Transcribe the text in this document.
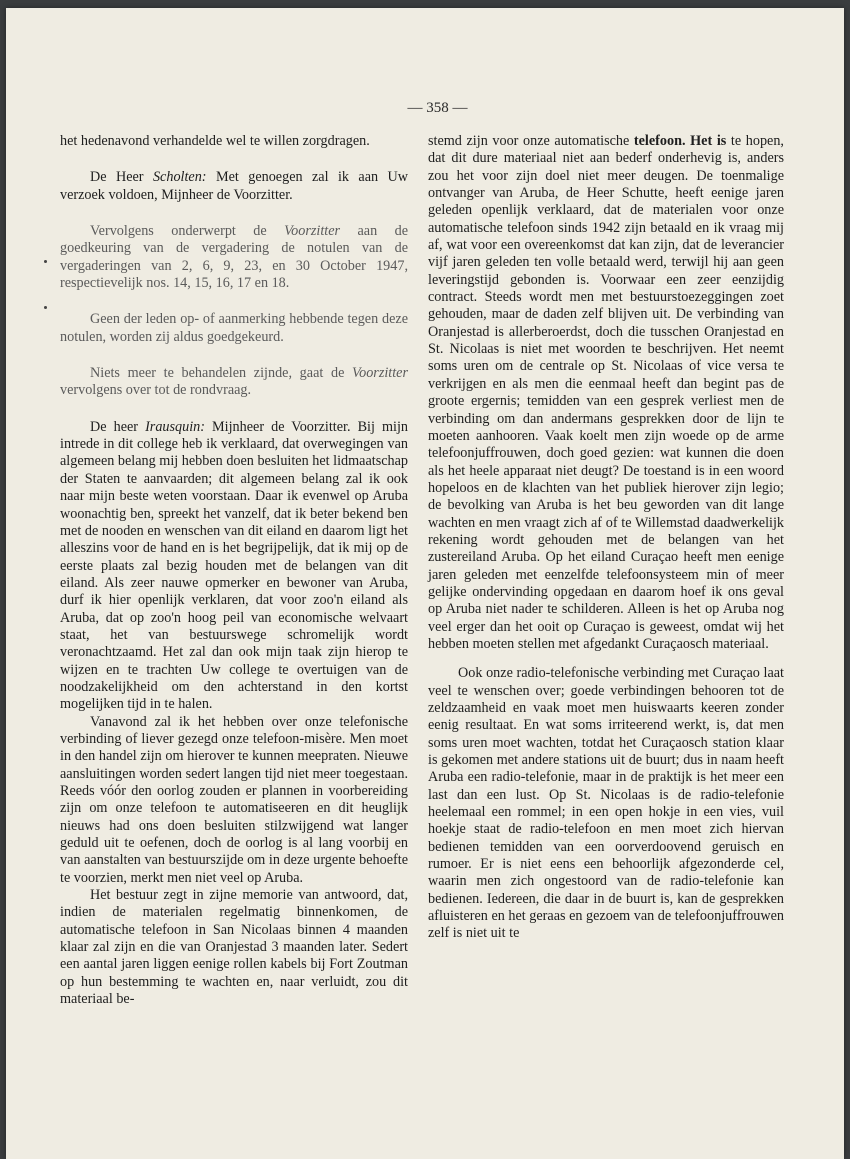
— 358 —

het hedenavond verhandelde wel te willen zorgdragen.

De Heer Scholten: Met genoegen zal ik aan Uw verzoek voldoen, Mijnheer de Voorzitter.

Vervolgens onderwerpt de Voorzitter aan de goedkeuring van de vergadering de notulen van de vergaderingen van 2, 6, 9, 23, en 30 October 1947, respectievelijk nos. 14, 15, 16, 17 en 18.

Geen der leden op- of aanmerking hebbende tegen deze notulen, worden zij aldus goedgekeurd.

Niets meer te behandelen zijnde, gaat de Voorzitter vervolgens over tot de rondvraag.

De heer Irausquin: Mijnheer de Voorzitter. Bij mijn intrede in dit college heb ik verklaard, dat overwegingen van algemeen belang mij hebben doen besluiten het lidmaatschap der Staten te aanvaarden; dit algemeen belang zal ik ook naar mijn beste weten voorstaan. Daar ik evenwel op Aruba woonachtig ben, spreekt het vanzelf, dat ik beter bekend ben met de nooden en wenschen van dit eiland en daarom ligt het alleszins voor de hand en is het begrijpelijk, dat ik mij op de eerste plaats zal bezig houden met de belangen van dit eiland. Als zeer nauwe opmerker en bewoner van Aruba, durf ik hier openlijk verklaren, dat voor zoo'n eiland als Aruba, dat op zoo'n hoog peil van economische welvaart staat, het van bestuurswege schromelijk wordt veronachtzaamd. Het zal dan ook mijn taak zijn hierop te wijzen en te trachten Uw college te overtuigen van de noodzakelijkheid om den achterstand in den kortst mogelijken tijd in te halen.

Vanavond zal ik het hebben over onze telefonische verbinding of liever gezegd onze telefoon-misère. Men moet in den handel zijn om hierover te kunnen meepraten. Nieuwe aansluitingen worden sedert langen tijd niet meer toegestaan. Reeds vóór den oorlog zouden er plannen in voorbereiding zijn om onze telefoon te automatiseeren en dit heuglijk nieuws had ons doen besluiten stilzwijgend wat langer geduld uit te oefenen, doch de oorlog is al lang voorbij en van aanstalten van bestuurszijde om in deze urgente behoefte te voorzien, merkt men niet veel op Aruba.

Het bestuur zegt in zijne memorie van antwoord, dat, indien de materialen regelmatig binnenkomen, de automatische telefoon in San Nicolaas binnen 4 maanden klaar zal zijn en die van Oranjestad 3 maanden later. Sedert een aantal jaren liggen eenige rollen kabels bij Fort Zoutman op hun bestemming te wachten en, naar verluidt, zou dit materiaal be-

stemd zijn voor onze automatische telefoon. Het is te hopen, dat dit dure materiaal niet aan bederf onderhevig is, anders zou het voor zijn doel niet meer deugen. De toenmalige ontvanger van Aruba, de Heer Schutte, heeft eenige jaren geleden openlijk verklaard, dat de materialen voor onze automatische telefoon sinds 1942 zijn betaald en ik vraag mij af, wat voor een overeenkomst dat kan zijn, dat de leverancier vijf jaren geleden ten volle betaald werd, terwijl hij aan geen leveringstijd gebonden is. Voorwaar een zeer eenzijdig contract. Steeds wordt men met bestuurstoezeggingen zoet gehouden, maar de daden zelf blijven uit. De verbinding van Oranjestad is allerberoerdst, doch die tusschen Oranjestad en St. Nicolaas is niet met woorden te beschrijven. Het neemt soms uren om de centrale op St. Nicolaas of vice versa te verkrijgen en als men die eenmaal heeft dan begint pas de groote ergernis; temidden van een gesprek verliest men de verbinding om dan andermans gesprekken door de lijn te moeten aanhooren. Vaak koelt men zijn woede op de arme telefoonjuffrouwen, doch goed gezien: wat kunnen die doen als het heele apparaat niet deugt? De toestand is in een woord hopeloos en de klachten van het publiek hierover zijn legio; de bevolking van Aruba is het beu geworden van dit lange wachten en men vraagt zich af of te Willemstad daadwerkelijk rekening wordt gehouden met de belangen van het zustereiland Aruba. Op het eiland Curaçao heeft men eenige jaren geleden met eenzelfde telefoonsysteem min of meer gelijke ondervinding opgedaan en daarom hoef ik ons geval op Aruba niet nader te schilderen. Alleen is het op Aruba nog veel erger dan het ooit op Curaçao is geweest, omdat wij het hebben moeten stellen met afgedankt Curaçaosch materiaal.

Ook onze radio-telefonische verbinding met Curaçao laat veel te wenschen over; goede verbindingen behooren tot de zeldzaamheid en vaak moet men huiswaarts keeren zonder eenig resultaat. En wat soms irriteerend werkt, is, dat men soms uren moet wachten, totdat het Curaçaosch station klaar is gekomen met andere stations uit de buurt; dus in naam heeft Aruba een radio-telefonie, maar in de praktijk is het meer een last dan een lust. Op St. Nicolaas is de radio-telefonie heelemaal een rommel; in een open hokje in een vies, vuil hoekje staat de radio-telefoon en men moet zich hiervan bedienen temidden van een oorverdoovend geruisch en rumoer. Er is niet eens een behoorlijk afgezonderde cel, waarin men zich ongestoord van de radio-telefonie kan bedienen. Iedereen, die daar in de buurt is, kan de gesprekken afluisteren en het geraas en gezoem van de telefoonjuffrouwen zelf is niet uit te
